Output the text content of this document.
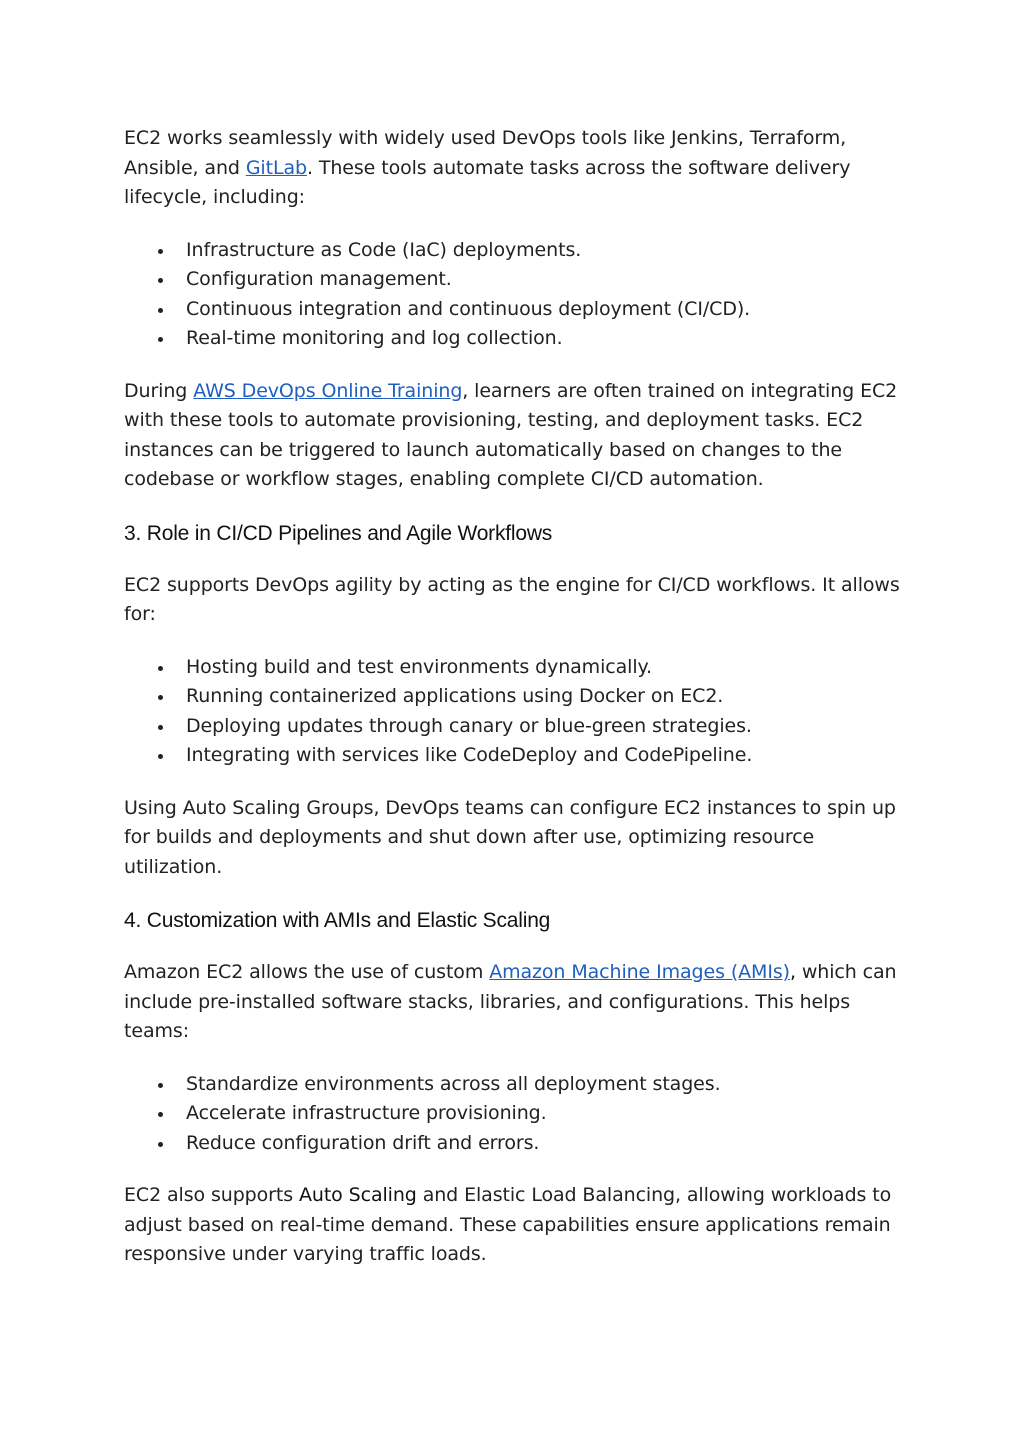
EC2 works seamlessly with widely used DevOps tools like Jenkins, Terraform, Ansible, and GitLab. These tools automate tasks across the software delivery lifecycle, including:

Infrastructure as Code (IaC) deployments.
Configuration management.
Continuous integration and continuous deployment (CI/CD).
Real-time monitoring and log collection.

During AWS DevOps Online Training, learners are often trained on integrating EC2 with these tools to automate provisioning, testing, and deployment tasks. EC2 instances can be triggered to launch automatically based on changes to the codebase or workflow stages, enabling complete CI/CD automation.

3. Role in CI/CD Pipelines and Agile Workflows

EC2 supports DevOps agility by acting as the engine for CI/CD workflows. It allows for:

Hosting build and test environments dynamically.
Running containerized applications using Docker on EC2.
Deploying updates through canary or blue-green strategies.
Integrating with services like CodeDeploy and CodePipeline.

Using Auto Scaling Groups, DevOps teams can configure EC2 instances to spin up for builds and deployments and shut down after use, optimizing resource utilization.

4. Customization with AMIs and Elastic Scaling

Amazon EC2 allows the use of custom Amazon Machine Images (AMIs), which can include pre-installed software stacks, libraries, and configurations. This helps teams:

Standardize environments across all deployment stages.
Accelerate infrastructure provisioning.
Reduce configuration drift and errors.

EC2 also supports Auto Scaling and Elastic Load Balancing, allowing workloads to adjust based on real-time demand. These capabilities ensure applications remain responsive under varying traffic loads.
